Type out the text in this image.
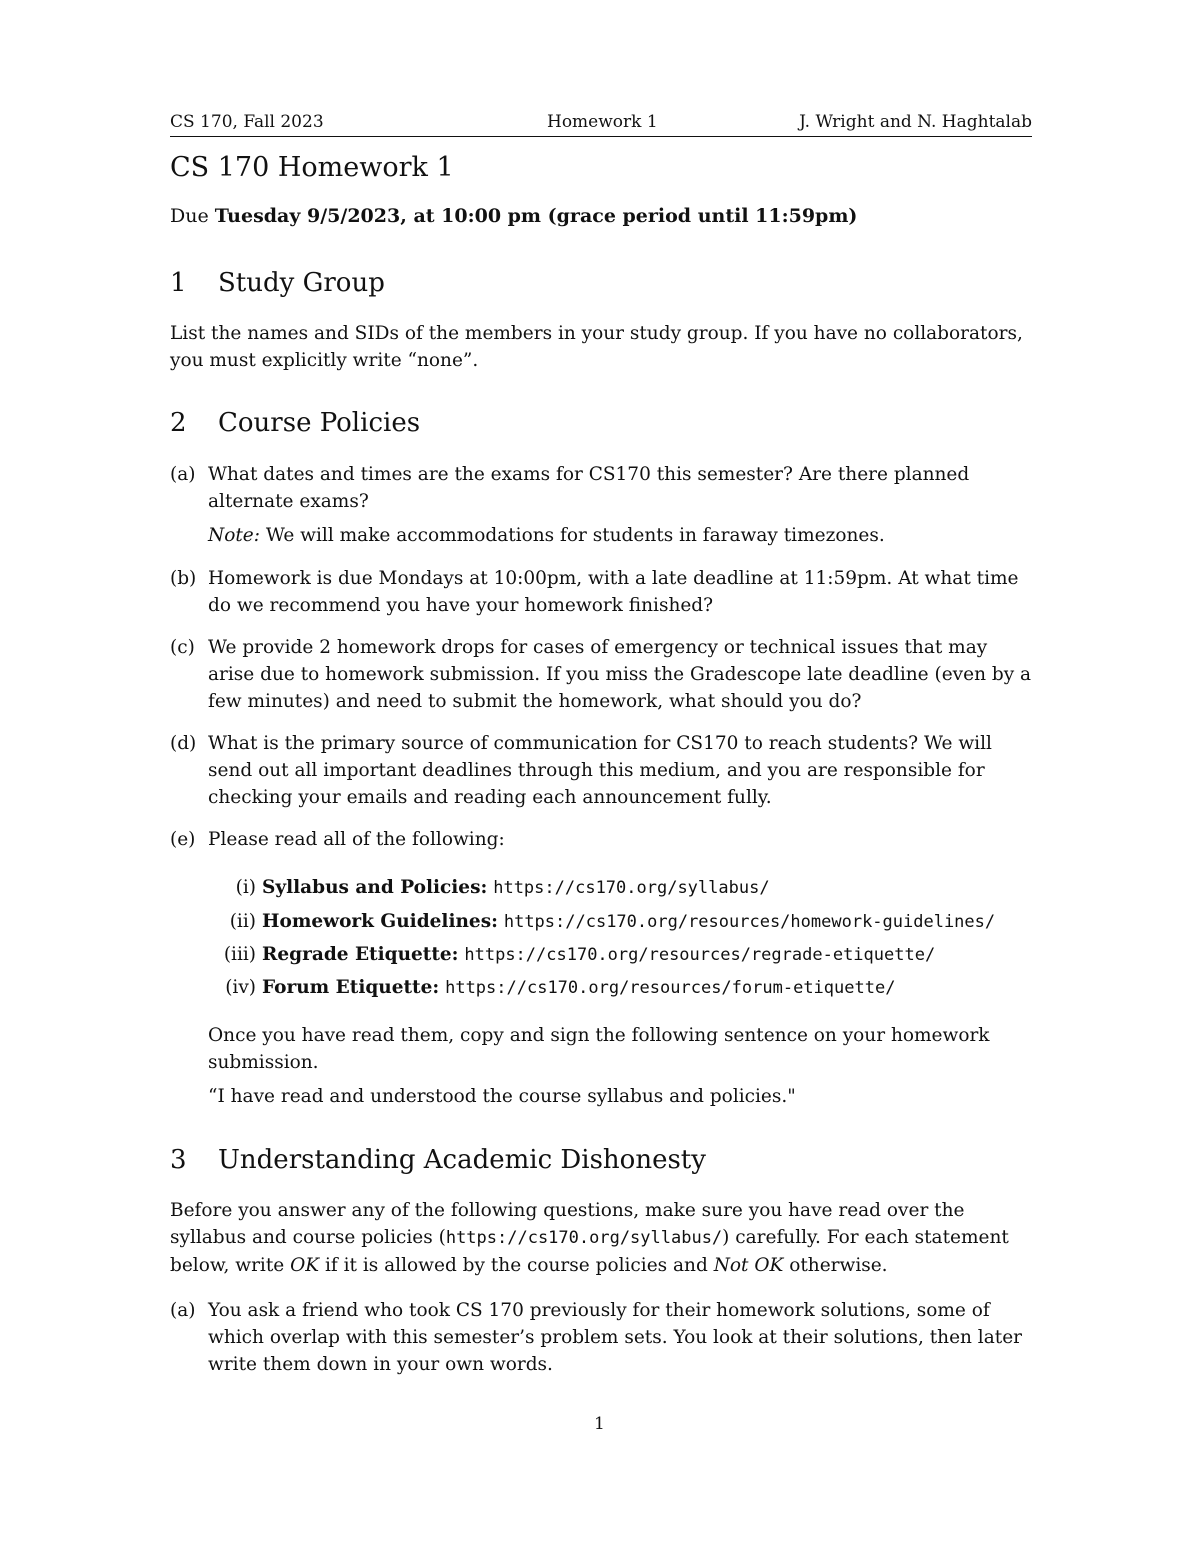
CS 170, Fall 2023	Homework 1	J. Wright and N. Haghtalab
CS 170 Homework 1
Due Tuesday 9/5/2023, at 10:00 pm (grace period until 11:59pm)
1 Study Group
List the names and SIDs of the members in your study group. If you have no collaborators, you must explicitly write “none”.
2 Course Policies
(a) What dates and times are the exams for CS170 this semester? Are there planned alternate exams?
Note: We will make accommodations for students in faraway timezones.
(b) Homework is due Mondays at 10:00pm, with a late deadline at 11:59pm. At what time do we recommend you have your homework finished?
(c) We provide 2 homework drops for cases of emergency or technical issues that may arise due to homework submission. If you miss the Gradescope late deadline (even by a few minutes) and need to submit the homework, what should you do?
(d) What is the primary source of communication for CS170 to reach students? We will send out all important deadlines through this medium, and you are responsible for checking your emails and reading each announcement fully.
(e) Please read all of the following:
(i) Syllabus and Policies: https://cs170.org/syllabus/
(ii) Homework Guidelines: https://cs170.org/resources/homework-guidelines/
(iii) Regrade Etiquette: https://cs170.org/resources/regrade-etiquette/
(iv) Forum Etiquette: https://cs170.org/resources/forum-etiquette/
Once you have read them, copy and sign the following sentence on your homework submission.
“I have read and understood the course syllabus and policies."
3 Understanding Academic Dishonesty
Before you answer any of the following questions, make sure you have read over the syllabus and course policies (https://cs170.org/syllabus/) carefully. For each statement below, write OK if it is allowed by the course policies and Not OK otherwise.
(a) You ask a friend who took CS 170 previously for their homework solutions, some of which overlap with this semester’s problem sets. You look at their solutions, then later write them down in your own words.
1
